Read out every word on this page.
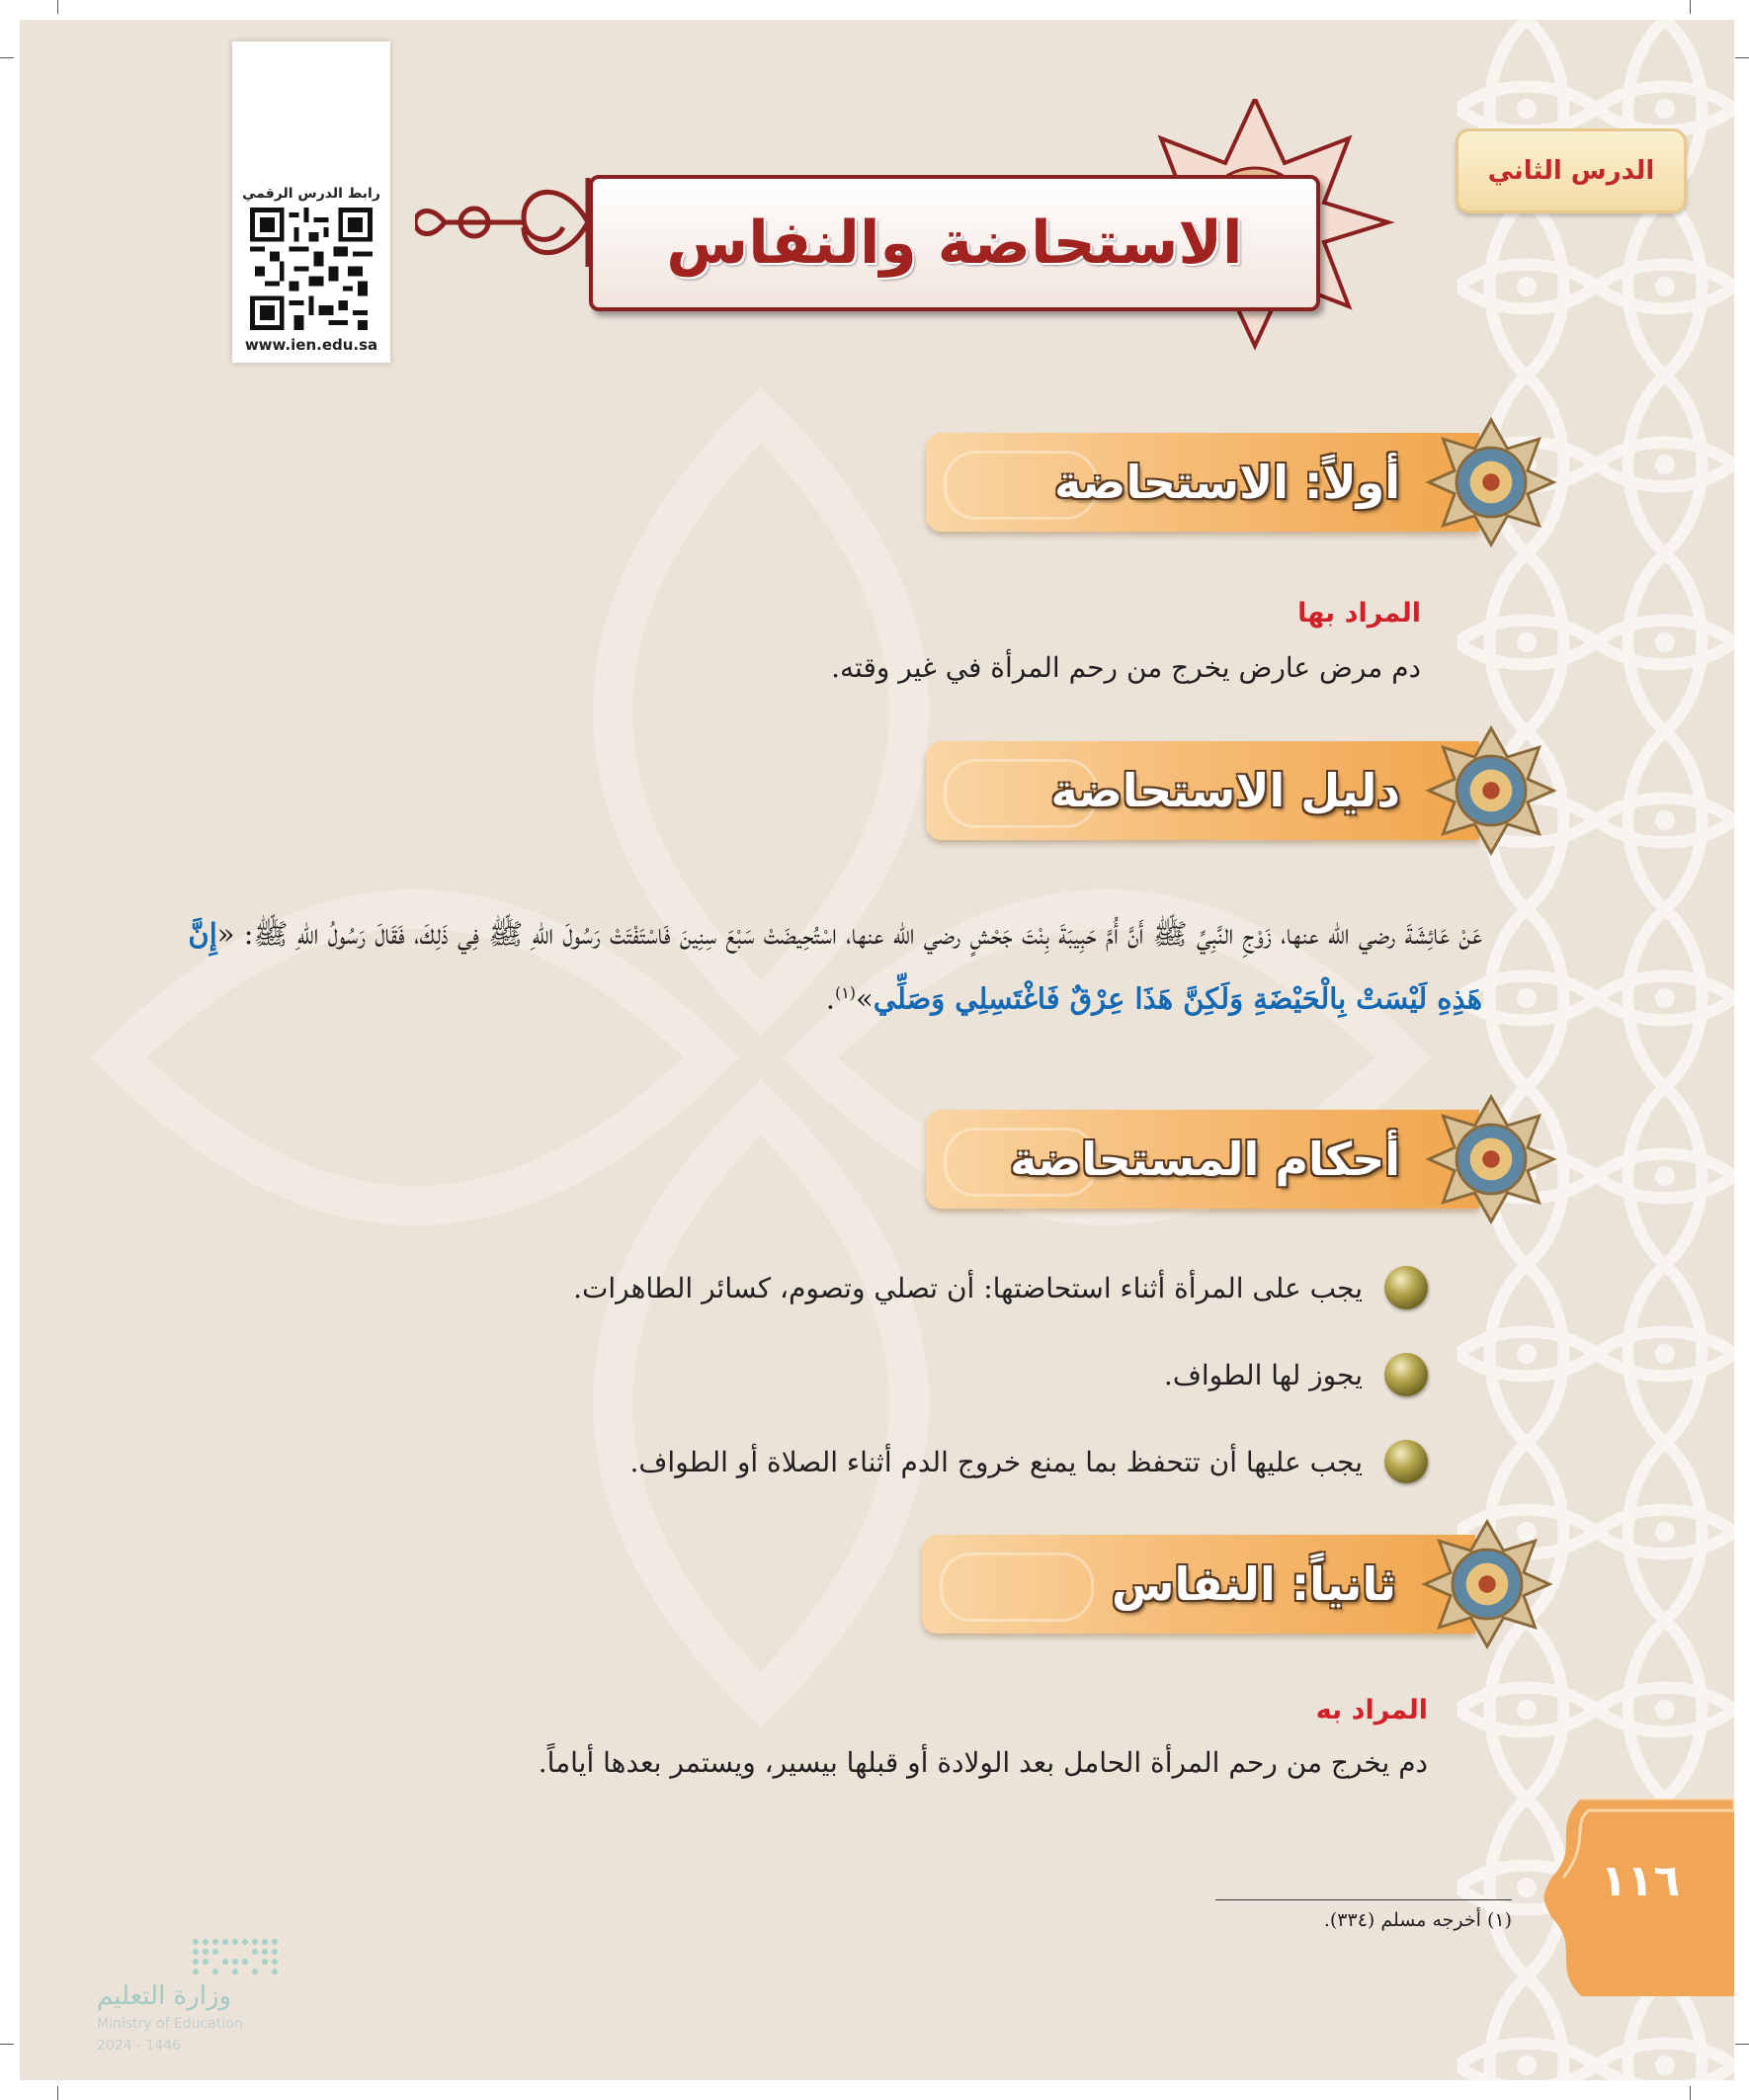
رابط الدرس الرقمي
www.ien.edu.sa
الدرس الثاني
الاستحاضة والنفاس
أولاً: الاستحاضة
المراد بها
دم مرض عارض يخرج من رحم المرأة في غير وقته.
دليل الاستحاضة
عَنْ عَائِشَةَ رضي الله عنها، زَوْجِ النَّبِيِّ ﷺ أَنَّ أُمَّ حَبِيبَةَ بِنْتَ جَحْشٍ رضي الله عنها، اسْتُحِيضَتْ سَبْعَ سِنِينَ فَاسْتَفْتَتْ رَسُولَ اللهِ ﷺ فِي ذَلِكَ، فَقَالَ رَسُولُ اللهِ ﷺ: «إِنَّ هَذِهِ لَيْسَتْ بِالْحَيْضَةِ وَلَكِنَّ هَذَا عِرْقٌ فَاغْتَسِلِي وَصَلِّي»$^{(١)}$.
أحكام المستحاضة
يجب على المرأة أثناء استحاضتها: أن تصلي وتصوم، كسائر الطاهرات.
يجوز لها الطواف.
يجب عليها أن تتحفظ بما يمنع خروج الدم أثناء الصلاة أو الطواف.
ثانياً: النفاس
المراد به
دم يخرج من رحم المرأة الحامل بعد الولادة أو قبلها بيسير، ويستمر بعدها أياماً.
(١) أخرجه مسلم (٣٣٤).
١١٦
وزارة التعليم
Ministry of Education
2024 - 1446
